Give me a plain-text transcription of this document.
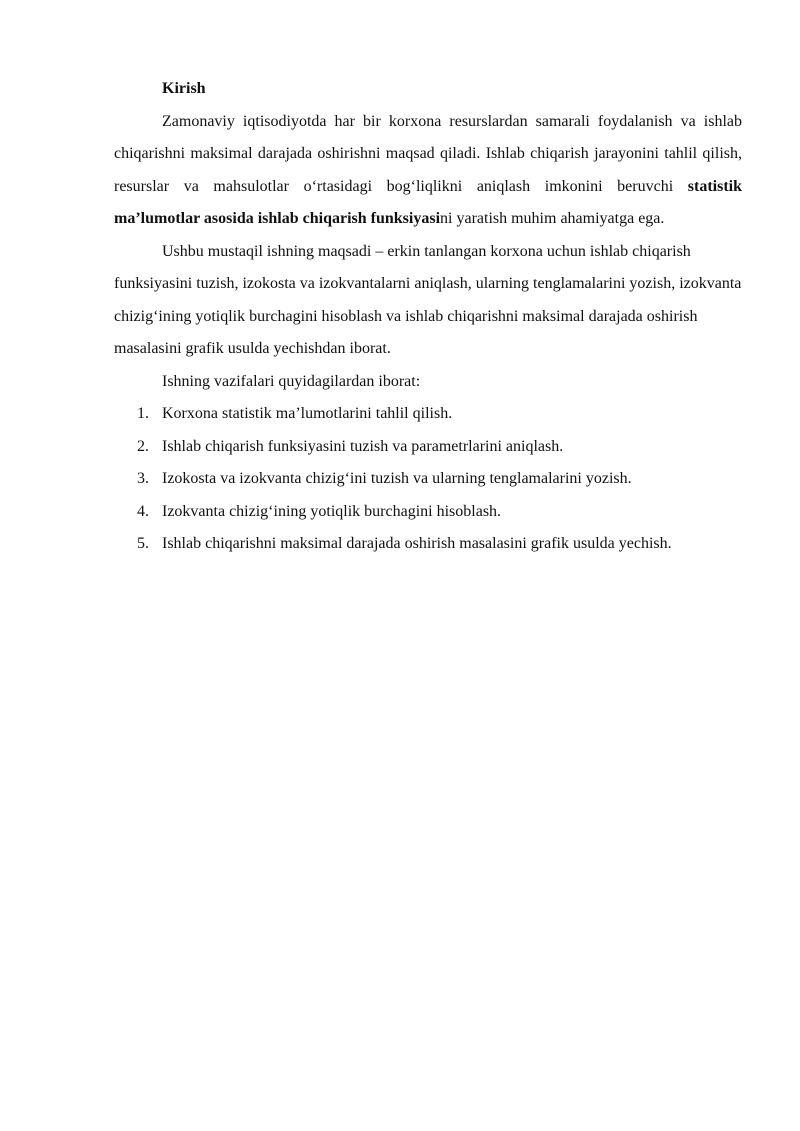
Kirish

Zamonaviy iqtisodiyotda har bir korxona resurslardan samarali foydalanish va ishlab chiqarishni maksimal darajada oshirishni maqsad qiladi. Ishlab chiqarish jarayonini tahlil qilish, resurslar va mahsulotlar o‘rtasidagi bog‘liqlikni aniqlash imkonini beruvchi statistik ma’lumotlar asosida ishlab chiqarish funksiyasini yaratish muhim ahamiyatga ega.

Ushbu mustaqil ishning maqsadi – erkin tanlangan korxona uchun ishlab chiqarish funksiyasini tuzish, izokosta va izokvantalarni aniqlash, ularning tenglamalarini yozish, izokvanta chizig‘ining yotiqlik burchagini hisoblash va ishlab chiqarishni maksimal darajada oshirish masalasini grafik usulda yechishdan iborat.

Ishning vazifalari quyidagilardan iborat:

1. Korxona statistik ma’lumotlarini tahlil qilish.
2. Ishlab chiqarish funksiyasini tuzish va parametrlarini aniqlash.
3. Izokosta va izokvanta chizig‘ini tuzish va ularning tenglamalarini yozish.
4. Izokvanta chizig‘ining yotiqlik burchagini hisoblash.
5. Ishlab chiqarishni maksimal darajada oshirish masalasini grafik usulda yechish.
